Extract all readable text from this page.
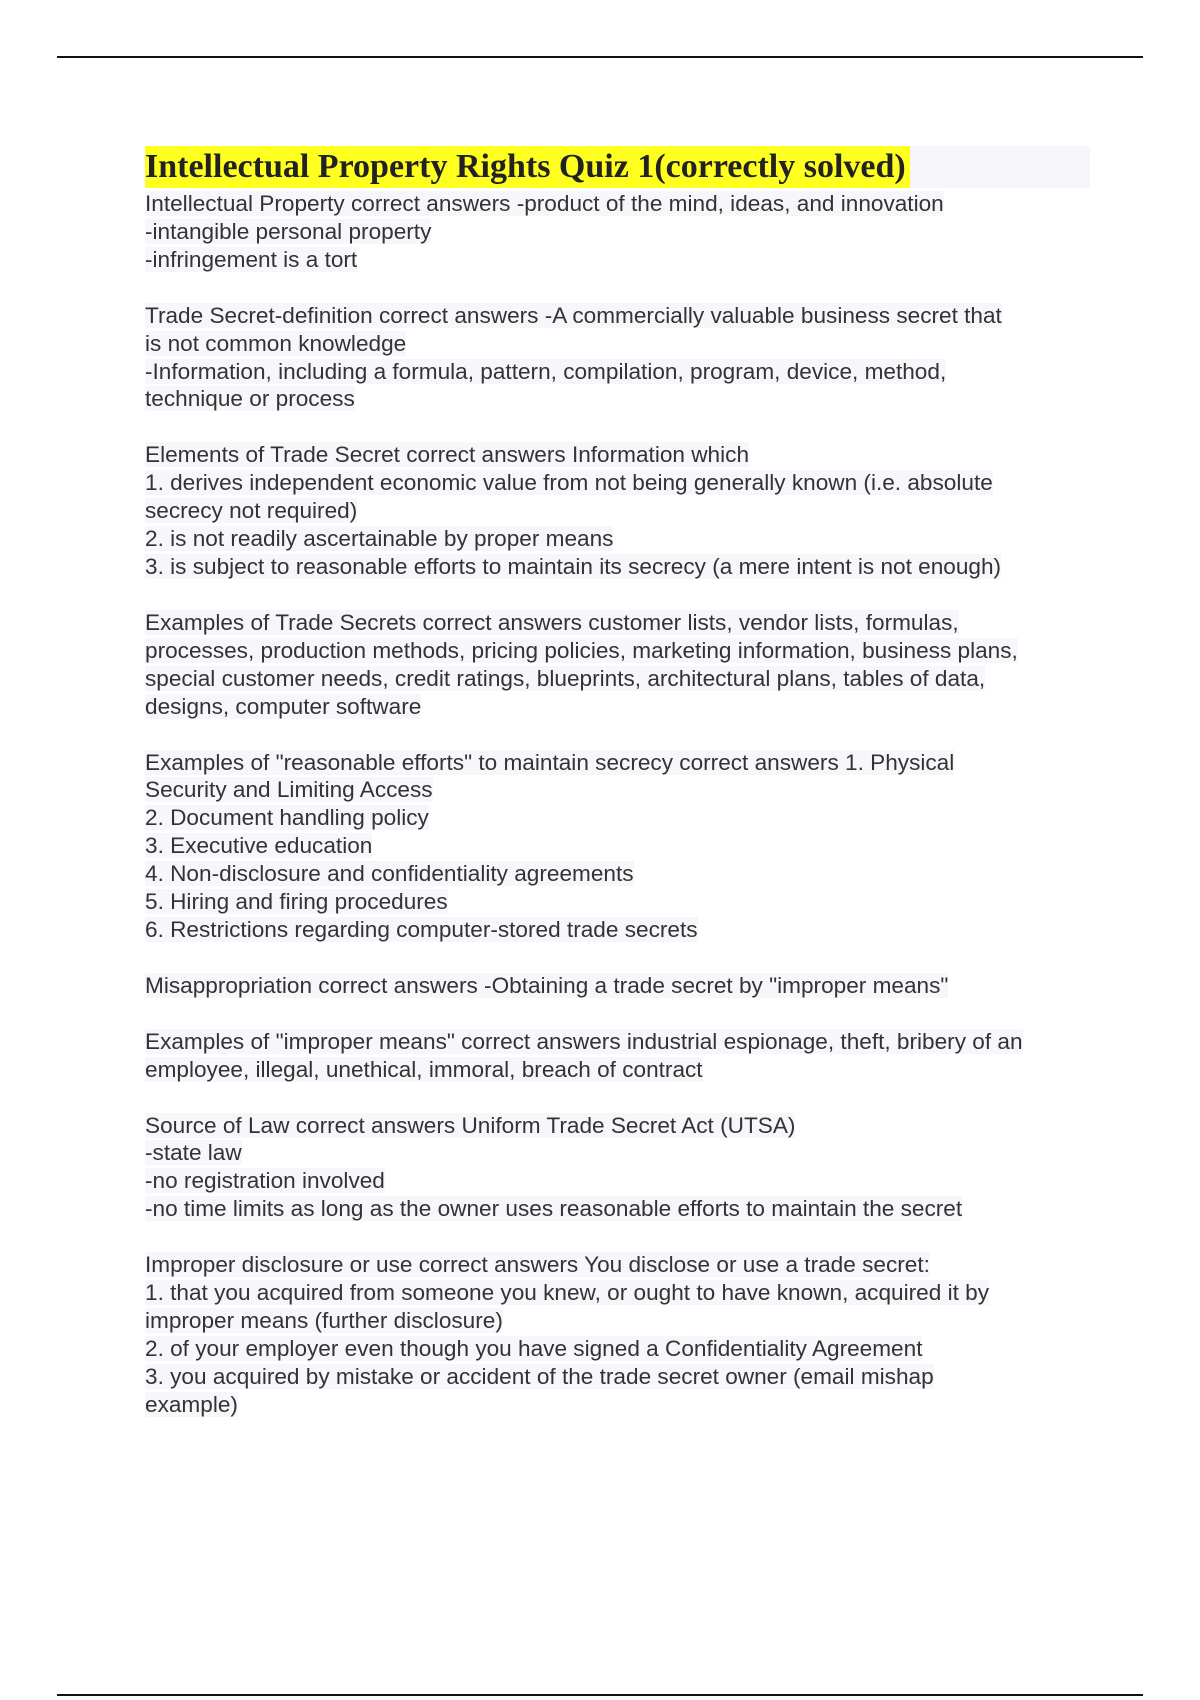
Intellectual Property Rights Quiz 1(correctly solved)
Intellectual Property correct answers -product of the mind, ideas, and innovation
-intangible personal property
-infringement is a tort
Trade Secret-definition correct answers -A commercially valuable business secret that
is not common knowledge
-Information, including a formula, pattern, compilation, program, device, method,
technique or process
Elements of Trade Secret correct answers Information which
1. derives independent economic value from not being generally known (i.e. absolute
secrecy not required)
2. is not readily ascertainable by proper means
3. is subject to reasonable efforts to maintain its secrecy (a mere intent is not enough)
Examples of Trade Secrets correct answers customer lists, vendor lists, formulas,
processes, production methods, pricing policies, marketing information, business plans,
special customer needs, credit ratings, blueprints, architectural plans, tables of data,
designs, computer software
Examples of "reasonable efforts" to maintain secrecy correct answers 1. Physical
Security and Limiting Access
2. Document handling policy
3. Executive education
4. Non-disclosure and confidentiality agreements
5. Hiring and firing procedures
6. Restrictions regarding computer-stored trade secrets
Misappropriation correct answers -Obtaining a trade secret by "improper means"
Examples of "improper means" correct answers industrial espionage, theft, bribery of an
employee, illegal, unethical, immoral, breach of contract
Source of Law correct answers Uniform Trade Secret Act (UTSA)
-state law
-no registration involved
-no time limits as long as the owner uses reasonable efforts to maintain the secret
Improper disclosure or use correct answers You disclose or use a trade secret:
1. that you acquired from someone you knew, or ought to have known, acquired it by
improper means (further disclosure)
2. of your employer even though you have signed a Confidentiality Agreement
3. you acquired by mistake or accident of the trade secret owner (email mishap
example)
